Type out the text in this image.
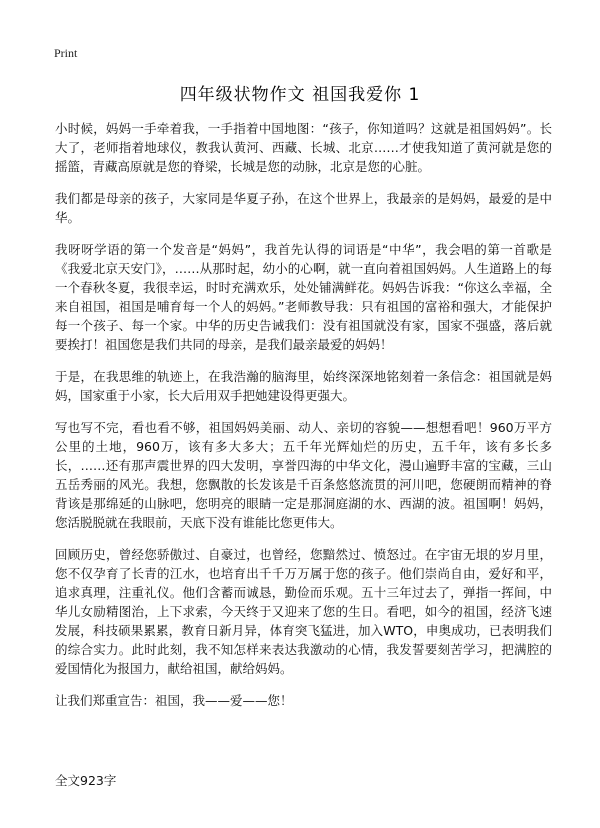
Print
四年级状物作文 祖国我爱你 1

小时候，妈妈一手牵着我，一手指着中国地图：“孩子，你知道吗？这就是祖国妈妈”。长大了，老师指着地球仪，教我认黄河、西藏、长城、北京……才使我知道了黄河就是您的摇篮，青藏高原就是您的脊梁，长城是您的动脉，北京是您的心脏。

我们都是母亲的孩子，大家同是华夏子孙，在这个世界上，我最亲的是妈妈，最爱的是中华。

我呀呀学语的第一个发音是“妈妈”，我首先认得的词语是“中华”，我会唱的第一首歌是《我爱北京天安门》，……从那时起，幼小的心啊，就一直向着祖国妈妈。人生道路上的每一个春秋冬夏，我很幸运，时时充满欢乐，处处铺满鲜花。妈妈告诉我：“你这么幸福，全来自祖国，祖国是哺育每一个人的妈妈。”老师教导我：只有祖国的富裕和强大，才能保护每一个孩子、每一个家。中华的历史告诫我们：没有祖国就没有家，国家不强盛，落后就要挨打！祖国您是我们共同的母亲，是我们最亲最爱的妈妈！

于是，在我思维的轨迹上，在我浩瀚的脑海里，始终深深地铭刻着一条信念：祖国就是妈妈，国家重于小家，长大后用双手把她建设得更强大。

写也写不完，看也看不够，祖国妈妈美丽、动人、亲切的容貌——想想看吧！960万平方公里的土地，960万，该有多大多大；五千年光辉灿烂的历史，五千年，该有多长多长，……还有那声震世界的四大发明，享誉四海的中华文化，漫山遍野丰富的宝藏，三山五岳秀丽的风光。我想，您飘散的长发该是千百条悠悠流贯的河川吧，您硬朗而精神的脊背该是那绵延的山脉吧，您明亮的眼睛一定是那洞庭湖的水、西湖的波。祖国啊！妈妈，您活脱脱就在我眼前，天底下没有谁能比您更伟大。

回顾历史，曾经您骄傲过、自豪过，也曾经，您黯然过、愤怒过。在宇宙无垠的岁月里，您不仅孕育了长青的江水，也培育出千千万万属于您的孩子。他们崇尚自由，爱好和平，追求真理，注重礼仪。他们含蓄而诚恳，勤俭而乐观。五十三年过去了，弹指一挥间，中华儿女励精图治，上下求索，今天终于又迎来了您的生日。看吧，如今的祖国，经济飞速发展，科技硕果累累，教育日新月异，体育突飞猛进，加入WTO，申奥成功，已表明我们的综合实力。此时此刻，我不知怎样来表达我激动的心情，我发誓要刻苦学习，把满腔的爱国情化为报国力，献给祖国，献给妈妈。

让我们郑重宣告：祖国，我——爱——您！

全文923字
